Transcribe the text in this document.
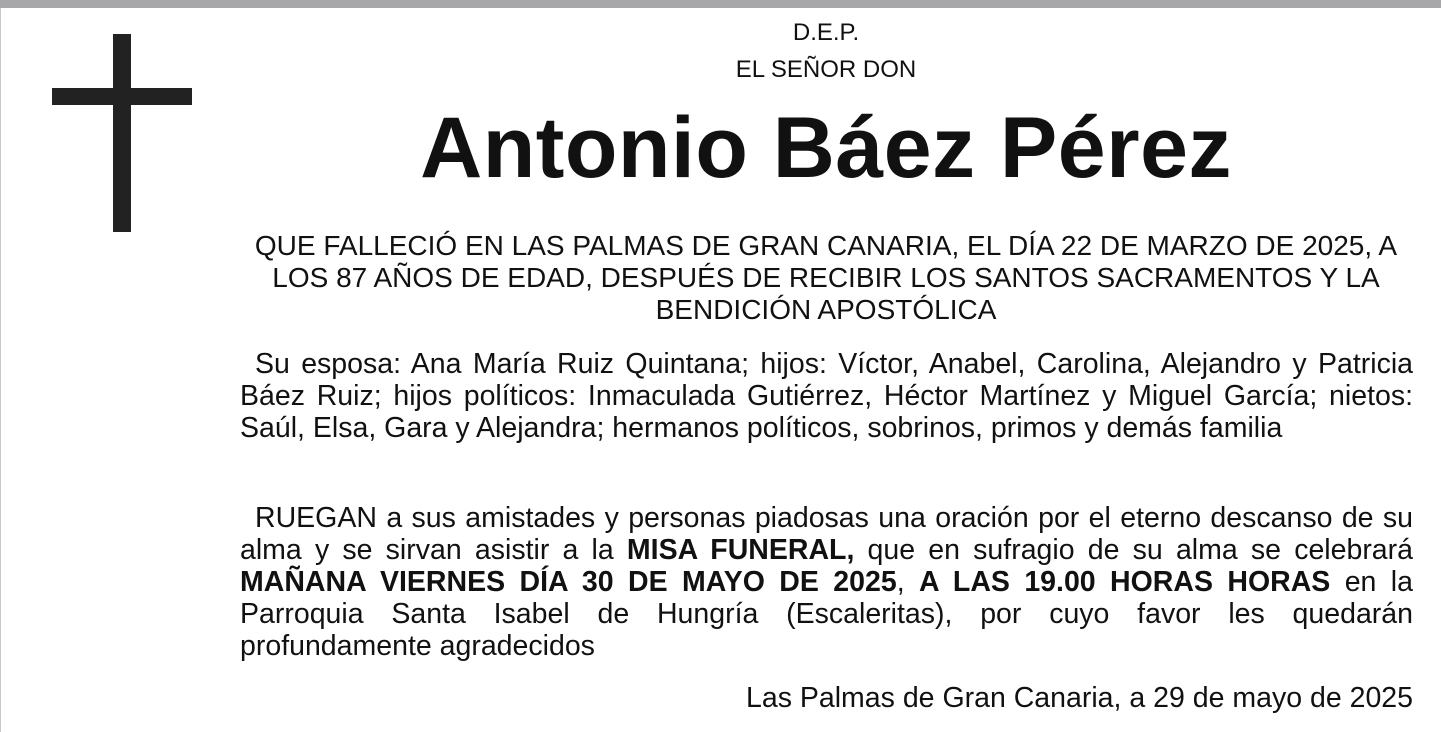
D.E.P.
EL SEÑOR DON
Antonio Báez Pérez
QUE FALLECIÓ EN LAS PALMAS DE GRAN CANARIA, EL DÍA 22 DE MARZO DE 2025, A LOS 87 AÑOS DE EDAD, DESPUÉS DE RECIBIR LOS SANTOS SACRAMENTOS Y LA BENDICIÓN APOSTÓLICA
Su esposa: Ana María Ruiz Quintana; hijos: Víctor, Anabel, Carolina, Alejandro y Patricia Báez Ruiz; hijos políticos: Inmaculada Gutiérrez, Héctor Martínez y Miguel García; nietos: Saúl, Elsa, Gara y Alejandra; hermanos políticos, sobrinos, primos y demás familia
RUEGAN a sus amistades y personas piadosas una oración por el eterno descanso de su alma y se sirvan asistir a la MISA FUNERAL, que en sufragio de su alma se celebrará MAÑANA VIERNES DÍA 30 DE MAYO DE 2025, A LAS 19.00 HORAS HORAS en la Parroquia Santa Isabel de Hungría (Escaleritas), por cuyo favor les quedarán profundamente agradecidos
Las Palmas de Gran Canaria, a 29 de mayo de 2025
